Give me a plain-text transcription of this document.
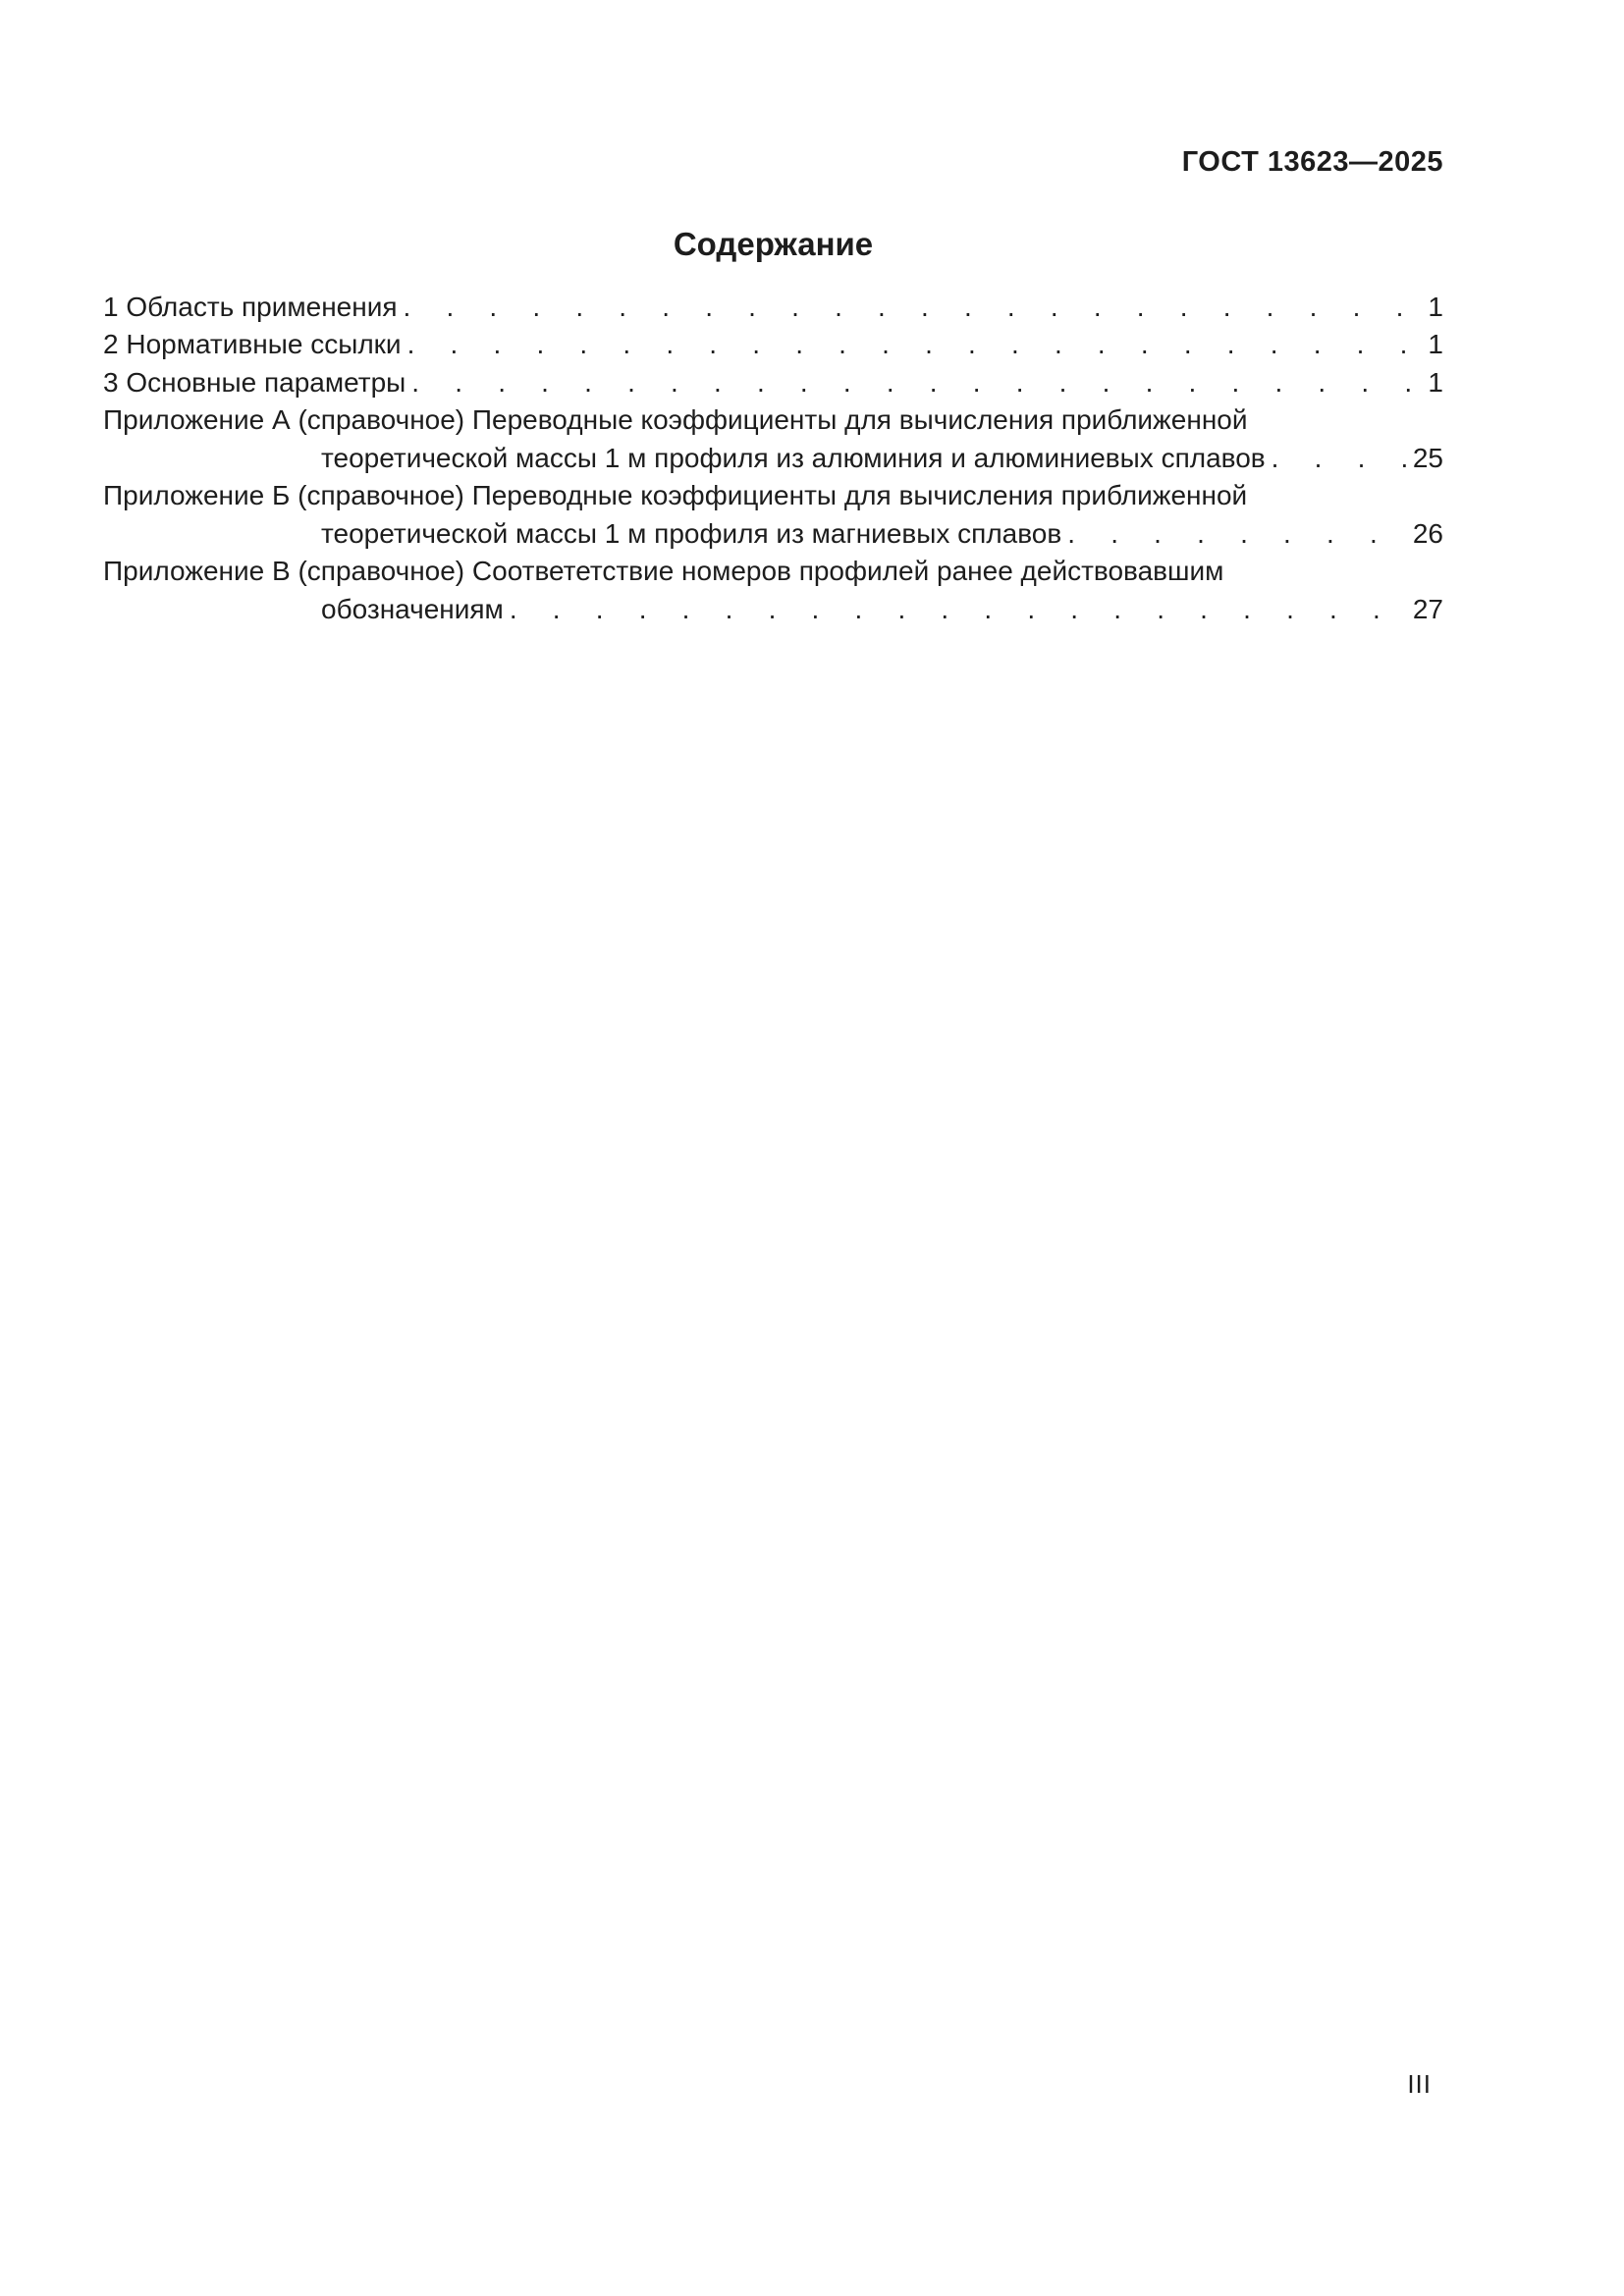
ГОСТ 13623—2025
Содержание
1 Область применения . . .	1
2 Нормативные ссылки . . .	1
3 Основные параметры . . .	1
Приложение А (справочное) Переводные коэффициенты для вычисления приближенной
теоретической массы 1 м профиля из алюминия и алюминиевых сплавов . . .	25
Приложение Б (справочное) Переводные коэффициенты для вычисления приближенной
теоретической массы 1 м профиля из магниевых сплавов . . .	26
Приложение В (справочное) Соответетствие номеров профилей ранее действовавшим
обозначениям . . .	27
III
